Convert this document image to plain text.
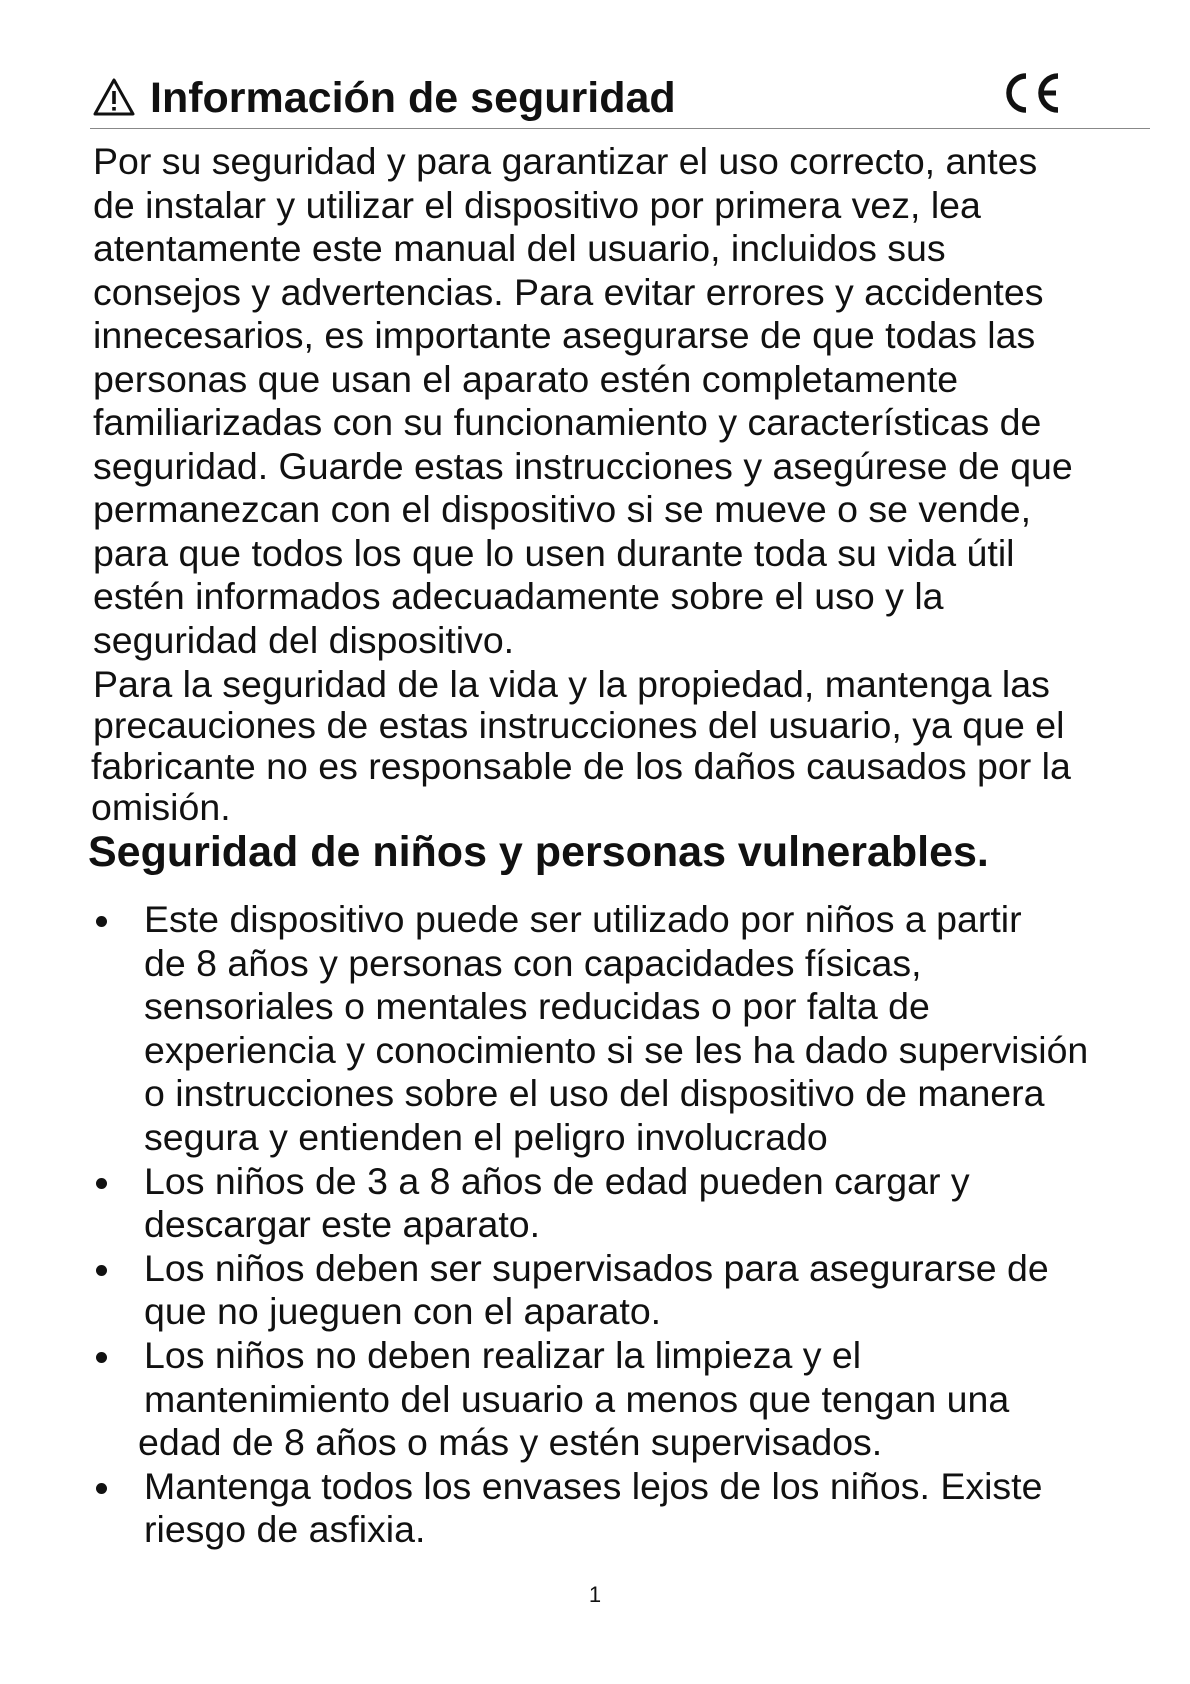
Información de seguridad

Por su seguridad y para garantizar el uso correcto, antes
de instalar y utilizar el dispositivo por primera vez, lea
atentamente este manual del usuario, incluidos sus
consejos y advertencias. Para evitar errores y accidentes
innecesarios, es importante asegurarse de que todas las
personas que usan el aparato estén completamente
familiarizadas con su funcionamiento y características de
seguridad. Guarde estas instrucciones y asegúrese de que
permanezcan con el dispositivo si se mueve o se vende,
para que todos los que lo usen durante toda su vida útil
estén informados adecuadamente sobre el uso y la
seguridad del dispositivo.

Para la seguridad de la vida y la propiedad, mantenga las
precauciones de estas instrucciones del usuario, ya que el
fabricante no es responsable de los daños causados por la
omisión.

Seguridad de niños y personas vulnerables.
Este dispositivo puede ser utilizado por niños a partir
de 8 años y personas con capacidades físicas,
sensoriales o mentales reducidas o por falta de
experiencia y conocimiento si se les ha dado supervisión
o instrucciones sobre el uso del dispositivo de manera
segura y entienden el peligro involucrado
Los niños de 3 a 8 años de edad pueden cargar y
descargar este aparato.
Los niños deben ser supervisados para asegurarse de
que no jueguen con el aparato.
Los niños no deben realizar la limpieza y el
mantenimiento del usuario a menos que tengan una
edad de 8 años o más y estén supervisados.
Mantenga todos los envases lejos de los niños. Existe
riesgo de asfixia.
1
